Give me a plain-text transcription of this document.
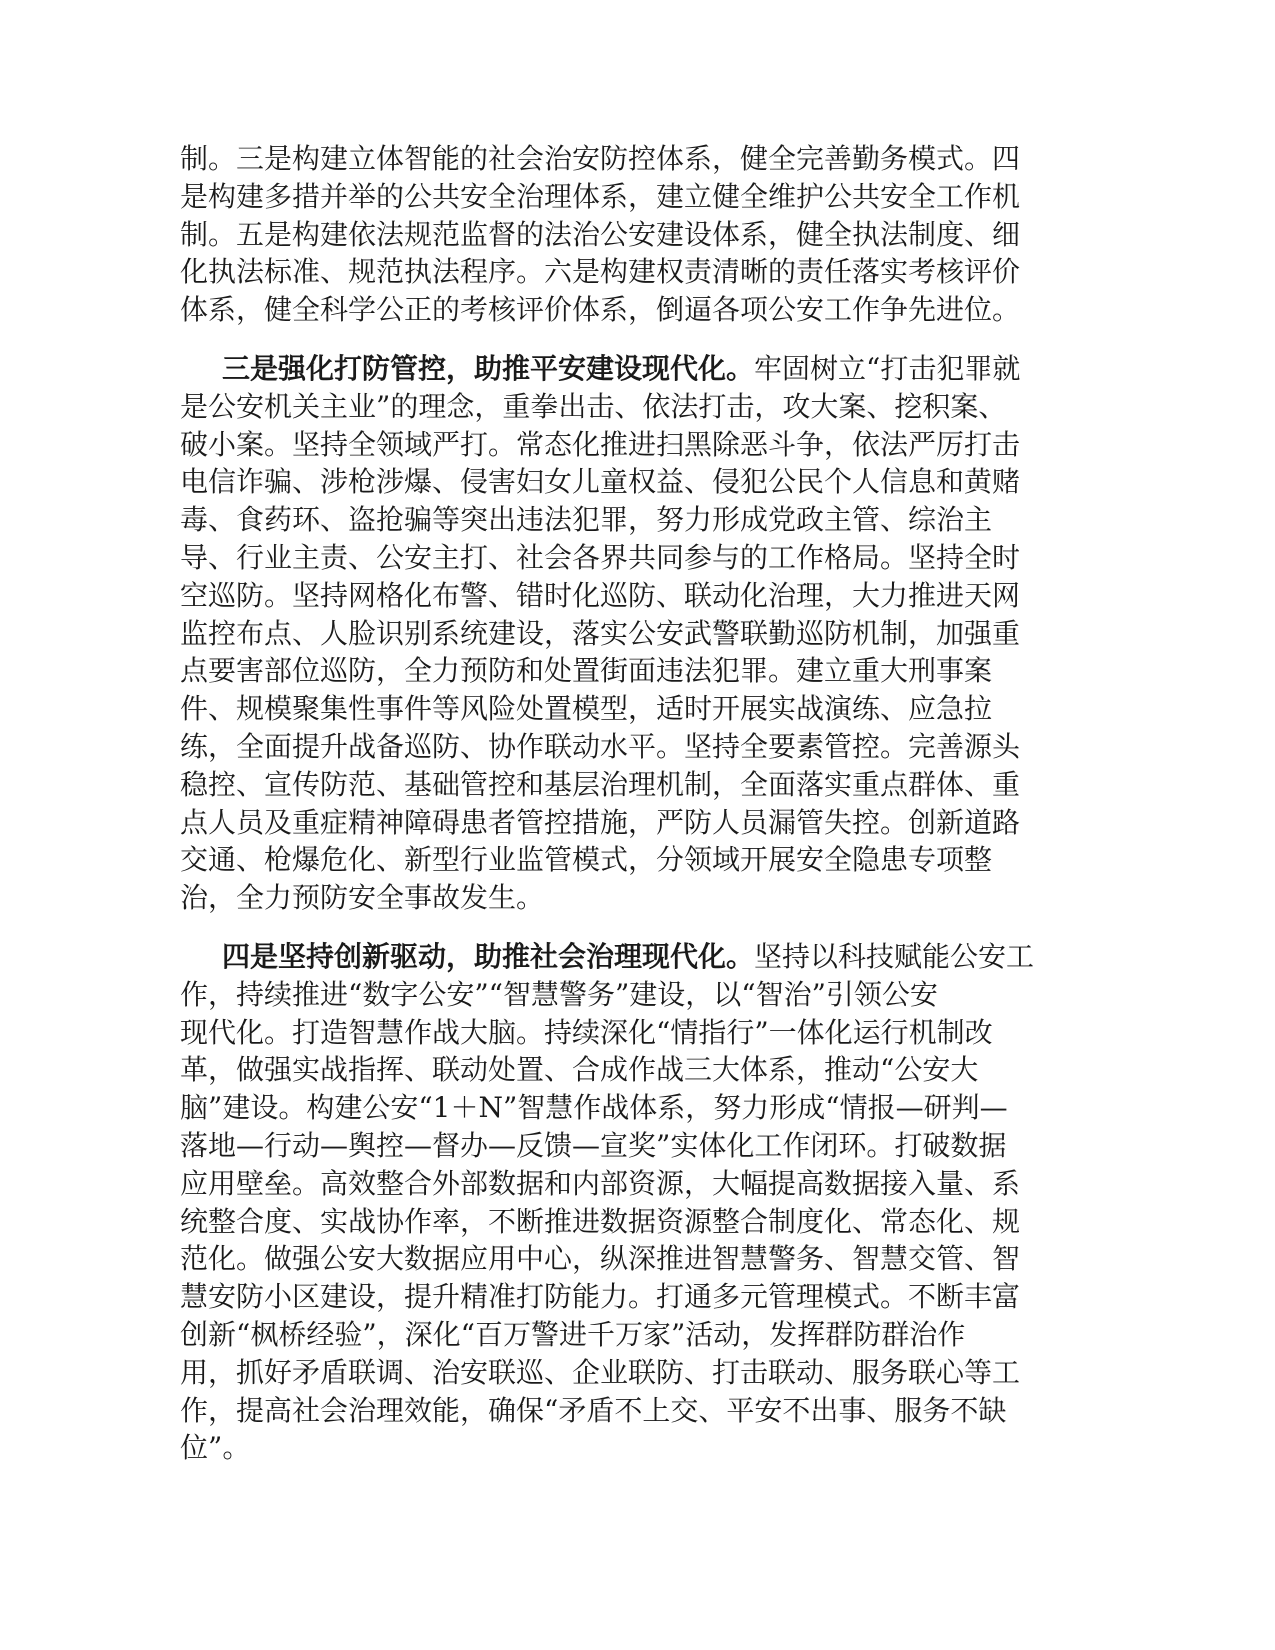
制。三是构建立体智能的社会治安防控体系，健全完善勤务模式。四
是构建多措并举的公共安全治理体系，建立健全维护公共安全工作机
制。五是构建依法规范监督的法治公安建设体系，健全执法制度、细
化执法标准、规范执法程序。六是构建权责清晰的责任落实考核评价
体系，健全科学公正的考核评价体系，倒逼各项公安工作争先进位。

三是强化打防管控，助推平安建设现代化。牢固树立“打击犯罪就
是公安机关主业”的理念，重拳出击、依法打击，攻大案、挖积案、
破小案。坚持全领域严打。常态化推进扫黑除恶斗争，依法严厉打击
电信诈骗、涉枪涉爆、侵害妇女儿童权益、侵犯公民个人信息和黄赌
毒、食药环、盗抢骗等突出违法犯罪，努力形成党政主管、综治主
导、行业主责、公安主打、社会各界共同参与的工作格局。坚持全时
空巡防。坚持网格化布警、错时化巡防、联动化治理，大力推进天网
监控布点、人脸识别系统建设，落实公安武警联勤巡防机制，加强重
点要害部位巡防，全力预防和处置街面违法犯罪。建立重大刑事案
件、规模聚集性事件等风险处置模型，适时开展实战演练、应急拉
练，全面提升战备巡防、协作联动水平。坚持全要素管控。完善源头
稳控、宣传防范、基础管控和基层治理机制，全面落实重点群体、重
点人员及重症精神障碍患者管控措施，严防人员漏管失控。创新道路
交通、枪爆危化、新型行业监管模式，分领域开展安全隐患专项整
治，全力预防安全事故发生。

四是坚持创新驱动，助推社会治理现代化。坚持以科技赋能公安工
作，持续推进“数字公安”“智慧警务”建设，以“智治”引领公安
现代化。打造智慧作战大脑。持续深化“情指行”一体化运行机制改
革，做强实战指挥、联动处置、合成作战三大体系，推动“公安大
脑”建设。构建公安“1＋N”智慧作战体系，努力形成“情报—研判—
落地—行动—舆控—督办—反馈—宣奖”实体化工作闭环。打破数据
应用壁垒。高效整合外部数据和内部资源，大幅提高数据接入量、系
统整合度、实战协作率，不断推进数据资源整合制度化、常态化、规
范化。做强公安大数据应用中心，纵深推进智慧警务、智慧交管、智
慧安防小区建设，提升精准打防能力。打通多元管理模式。不断丰富
创新“枫桥经验”，深化“百万警进千万家”活动，发挥群防群治作
用，抓好矛盾联调、治安联巡、企业联防、打击联动、服务联心等工
作，提高社会治理效能，确保“矛盾不上交、平安不出事、服务不缺
位”。
